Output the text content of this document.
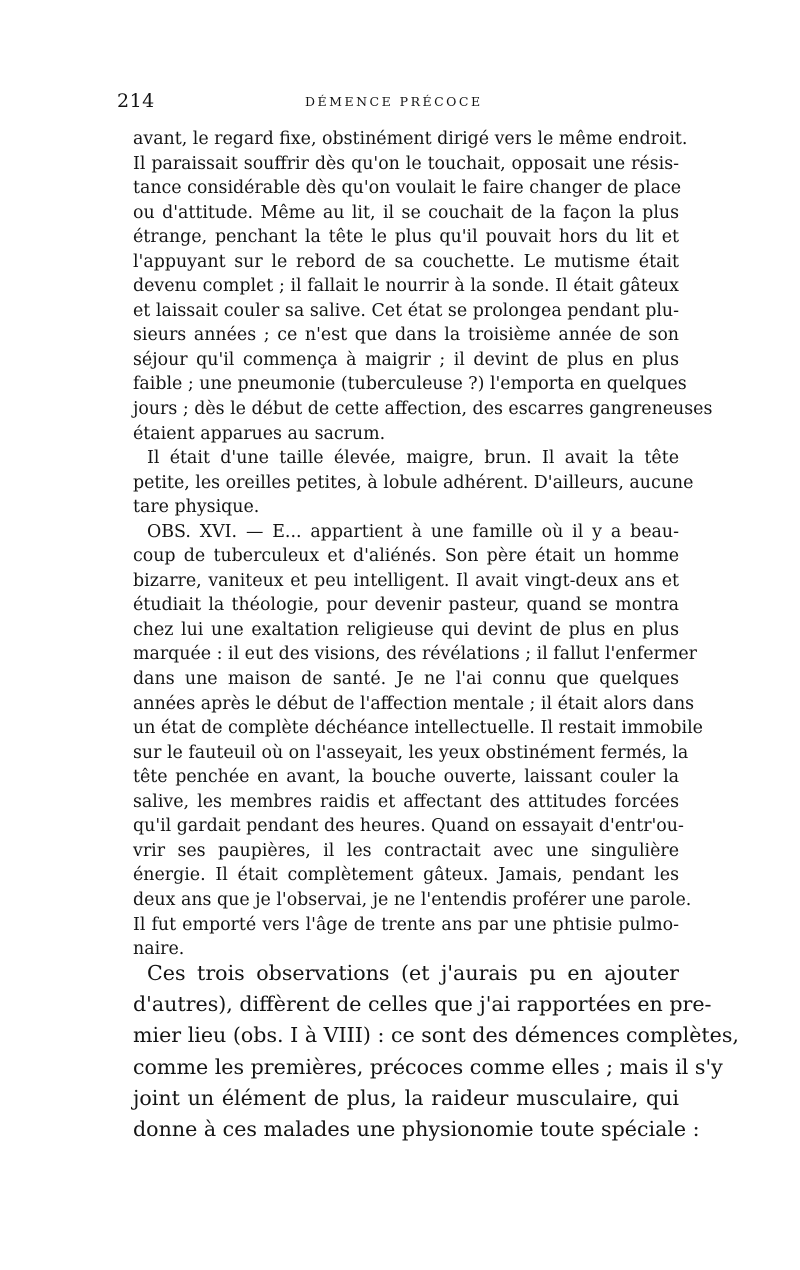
214	DÉMENCE PRÉCOCE
avant, le regard fixe, obstinément dirigé vers le même endroit.
Il paraissait souffrir dès qu'on le touchait, opposait une résis-
tance considérable dès qu'on voulait le faire changer de place
ou d'attitude. Même au lit, il se couchait de la façon la plus
étrange, penchant la tête le plus qu'il pouvait hors du lit et
l'appuyant sur le rebord de sa couchette. Le mutisme était
devenu complet ; il fallait le nourrir à la sonde. Il était gâteux
et laissait couler sa salive. Cet état se prolongea pendant plu-
sieurs années ; ce n'est que dans la troisième année de son
séjour qu'il commença à maigrir ; il devint de plus en plus
faible ; une pneumonie (tuberculeuse ?) l'emporta en quelques
jours ; dès le début de cette affection, des escarres gangreneuses
étaient apparues au sacrum.
Il était d'une taille élevée, maigre, brun. Il avait la tête
petite, les oreilles petites, à lobule adhérent. D'ailleurs, aucune
tare physique.
OBS. XVI. — E... appartient à une famille où il y a beau-
coup de tuberculeux et d'aliénés. Son père était un homme
bizarre, vaniteux et peu intelligent. Il avait vingt-deux ans et
étudiait la théologie, pour devenir pasteur, quand se montra
chez lui une exaltation religieuse qui devint de plus en plus
marquée : il eut des visions, des révélations ; il fallut l'enfermer
dans une maison de santé. Je ne l'ai connu que quelques
années après le début de l'affection mentale ; il était alors dans
un état de complète déchéance intellectuelle. Il restait immobile
sur le fauteuil où on l'asseyait, les yeux obstinément fermés, la
tête penchée en avant, la bouche ouverte, laissant couler la
salive, les membres raidis et affectant des attitudes forcées
qu'il gardait pendant des heures. Quand on essayait d'entr'ou-
vrir ses paupières, il les contractait avec une singulière
énergie. Il était complètement gâteux. Jamais, pendant les
deux ans que je l'observai, je ne l'entendis proférer une parole.
Il fut emporté vers l'âge de trente ans par une phtisie pulmo-
naire.
Ces trois observations (et j'aurais pu en ajouter
d'autres), diffèrent de celles que j'ai rapportées en pre-
mier lieu (obs. I à VIII) : ce sont des démences complètes,
comme les premières, précoces comme elles ; mais il s'y
joint un élément de plus, la raideur musculaire, qui
donne à ces malades une physionomie toute spéciale :
